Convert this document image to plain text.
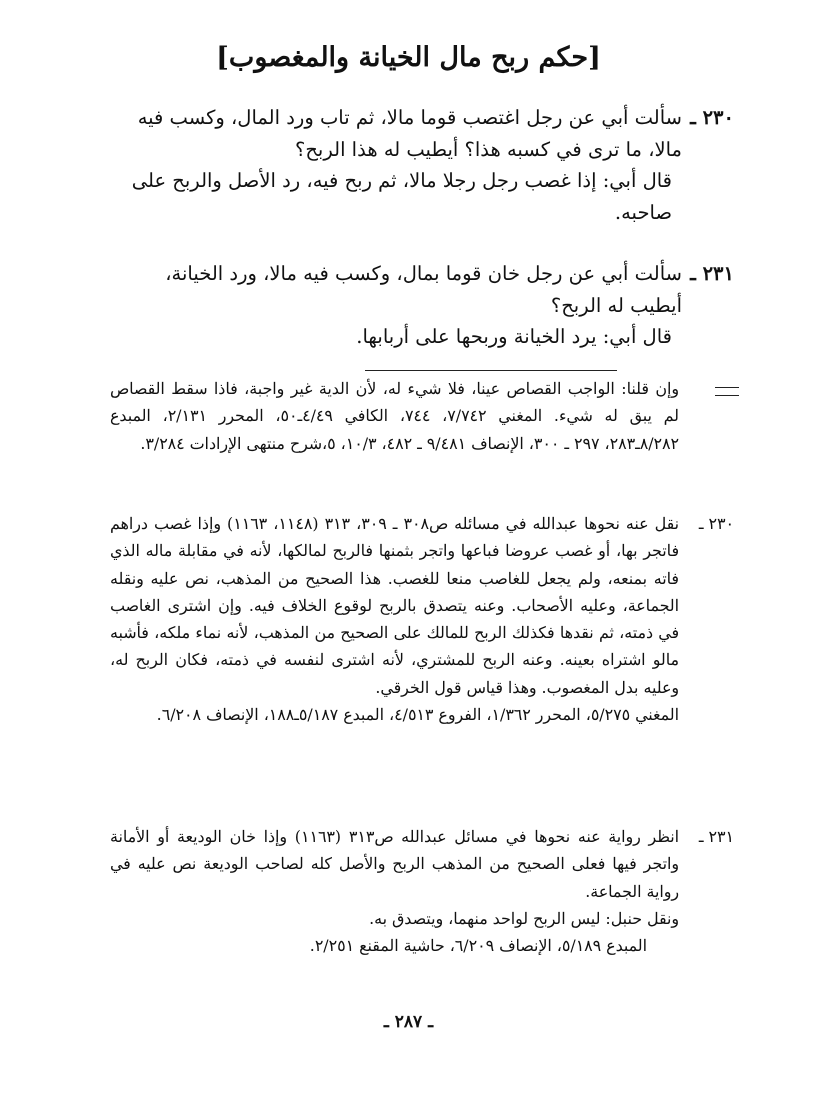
[حكم ربح مال الخيانة والمغصوب]
٢٣٠ ـ

سألت أبي عن رجل اغتصب قوما مالا، ثم تاب ورد المال، وكسب فيه مالا، ما ترى في كسبه هذا؟ أيطيب له هذا الربح؟

قال أبي: إذا غصب رجل رجلا مالا، ثم ربح فيه، رد الأصل والربح على صاحبه.

٢٣١ ـ

سألت أبي عن رجل خان قوما بمال، وكسب فيه مالا، ورد الخيانة، أيطيب له الربح؟

قال أبي: يرد الخيانة وربحها على أربابها.

وإن قلنا: الواجب القصاص عينا، فلا شيء له، لأن الدية غير واجبة، فاذا سقط القصاص لم يبق له شيء. المغني ٧/٧٤٢، ٧٤٤، الكافي ٤/٤٩ـ٥٠، المحرر ٢/١٣١، المبدع ٨/٢٨٢ـ٢٨٣، ٢٩٧ ـ ٣٠٠، الإنصاف ٩/٤٨١ ـ ٤٨٢، ١٠/٣، ٥،شرح منتهى الإرادات ٣/٢٨٤.

٢٣٠ ـ

نقل عنه نحوها عبدالله في مسائله ص٣٠٨ ـ ٣٠٩، ٣١٣ (١١٤٨، ١١٦٣) وإذا غصب دراهم فاتجر بها، أو غصب عروضا فباعها واتجر بثمنها فالربح لمالكها، لأنه في مقابلة ماله الذي فاته بمنعه، ولم يجعل للغاصب منعا للغصب. هذا الصحيح من المذهب، نص عليه ونقله الجماعة، وعليه الأصحاب. وعنه يتصدق بالربح لوقوع الخلاف فيه. وإن اشترى الغاصب في ذمته، ثم نقدها فكذلك الربح للمالك على الصحيح من المذهب، لأنه نماء ملكه، فأشبه مالو اشتراه بعينه. وعنه الربح للمشتري، لأنه اشترى لنفسه في ذمته، فكان الربح له، وعليه بدل المغصوب. وهذا قياس قول الخرقي.

المغني ٥/٢٧٥، المحرر ١/٣٦٢، الفروع ٤/٥١٣، المبدع ٥/١٨٧ـ١٨٨، الإنصاف ٦/٢٠٨.

٢٣١ ـ

انظر رواية عنه نحوها في مسائل عبدالله ص٣١٣ (١١٦٣) وإذا خان الوديعة أو الأمانة واتجر فيها فعلى الصحيح من المذهب الربح والأصل كله لصاحب الوديعة نص عليه في رواية الجماعة.

ونقل حنبل: ليس الربح لواحد منهما، ويتصدق به.

المبدع ٥/١٨٩، الإنصاف ٦/٢٠٩، حاشية المقنع ٢/٢٥١.

ـ ٢٨٧ ـ
